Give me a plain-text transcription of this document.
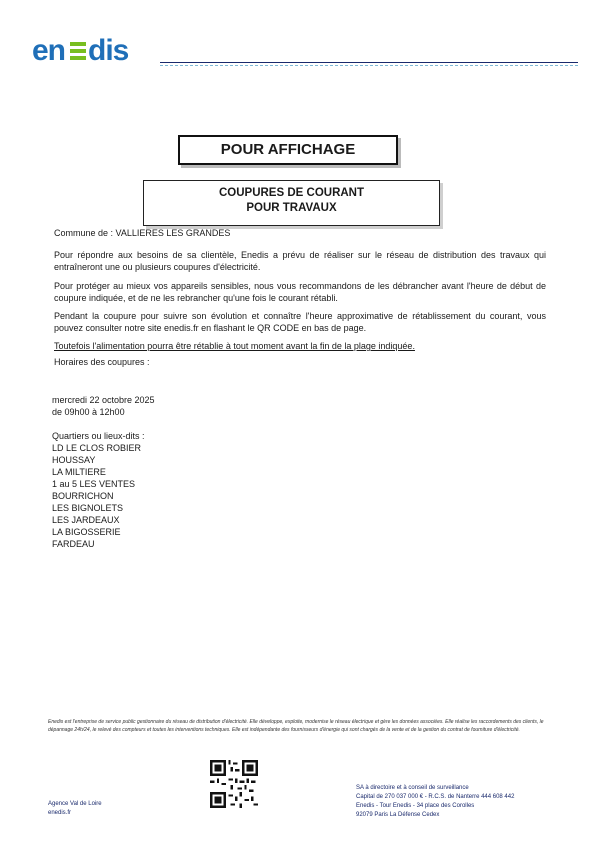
en dis
POUR AFFICHAGE
COUPURES DE COURANT
POUR TRAVAUX
Commune de : VALLIERES LES GRANDES
Pour répondre aux besoins de sa clientèle, Enedis a prévu de réaliser sur le réseau de distribution des travaux qui entraîneront une ou plusieurs coupures d'électricité.
Pour protéger au mieux vos appareils sensibles, nous vous recommandons de les débrancher avant l'heure de début de coupure indiquée, et de ne les rebrancher qu'une fois le courant rétabli.
Pendant la coupure pour suivre son évolution et connaître l'heure approximative de rétablissement du courant, vous pouvez consulter notre site enedis.fr en flashant le QR CODE en bas de page.
Toutefois l'alimentation pourra être rétablie à tout moment avant la fin de la plage indiquée.
Horaires des coupures :
mercredi 22 octobre 2025
de 09h00 à 12h00
Quartiers ou lieux-dits :
LD LE CLOS ROBIER
HOUSSAY
LA MILTIERE
1 au 5 LES VENTES
BOURRICHON
LES BIGNOLETS
LES JARDEAUX
LA BIGOSSERIE
FARDEAU
Enedis est l'entreprise de service public gestionnaire du réseau de distribution d'électricité. Elle développe, exploite, modernise le réseau électrique et gère les données associées. Elle réalise les raccordements des clients, le dépannage 24h/24, le relevé des compteurs et toutes les interventions techniques. Elle est indépendante des fournisseurs d'énergie qui sont chargés de la vente et de la gestion du contrat de fourniture d'électricité.
Agence Val de Loire
enedis.fr
SA à directoire et à conseil de surveillance
Capital de 270 037 000 € - R.C.S. de Nanterre 444 608 442
Enedis - Tour Enedis - 34 place des Corolles
92079 Paris La Défense Cedex
